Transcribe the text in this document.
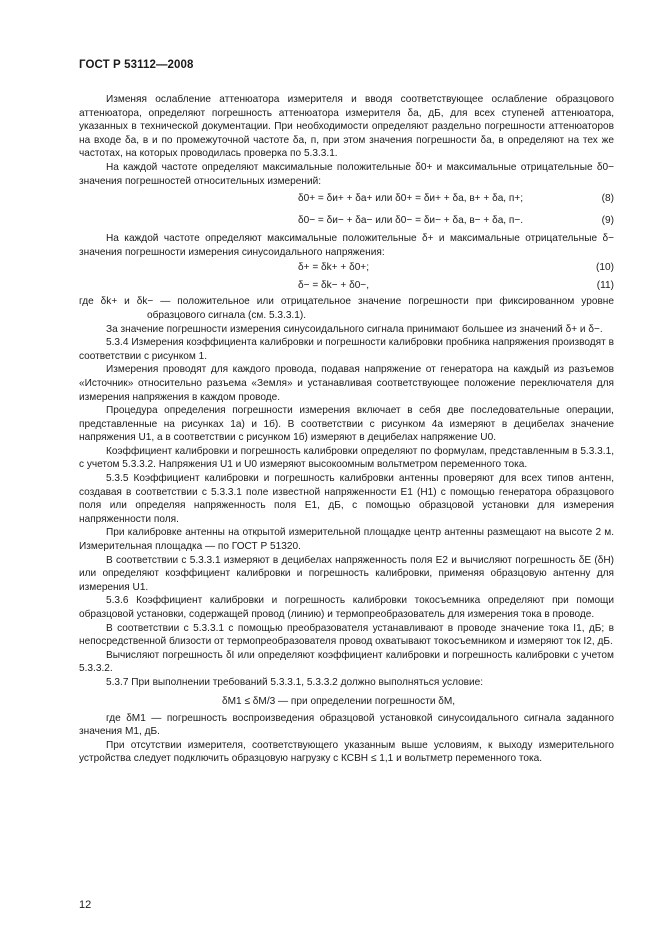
ГОСТ Р 53112—2008

Изменяя ослабление аттенюатора измерителя и вводя соответствующее ослабление образцового аттенюатора, определяют погрешность аттенюатора измерителя δа, дБ, для всех ступеней аттенюатора, указанных в технической документации. При необходимости определяют раздельно погрешности аттенюаторов на входе δа, в и по промежуточной частоте δа, п, при этом значения погрешности δа, в определяют на тех же частотах, на которых проводилась проверка по 5.3.3.1.

На каждой частоте определяют максимальные положительные δ0+ и максимальные отрицательные δ0− значения погрешностей относительных измерений:

δ0+ = δи+ + δа+ или δ0+ = δи+ + δа, в+ + δа, п+;	(8)
δ0− = δи− + δа− или δ0− = δи− + δа, в− + δа, п−.	(9)

На каждой частоте определяют максимальные положительные δ+ и максимальные отрицательные δ− значения погрешности измерения синусоидального напряжения:

δ+ = δk+ + δ0+;	(10)
δ− = δk− + δ0−,	(11)

где δk+ и δk− — положительное или отрицательное значение погрешности при фиксированном уровне образцового сигнала (см. 5.3.3.1).

За значение погрешности измерения синусоидального сигнала принимают большее из значений δ+ и δ−.

5.3.4 Измерения коэффициента калибровки и погрешности калибровки пробника напряжения производят в соответствии с рисунком 1.

Измерения проводят для каждого провода, подавая напряжение от генератора на каждый из разъемов «Источник» относительно разъема «Земля» и устанавливая соответствующее положение переключателя для измерения напряжения в каждом проводе.

Процедура определения погрешности измерения включает в себя две последовательные операции, представленные на рисунках 1а) и 1б). В соответствии с рисунком 4а измеряют в децибелах значение напряжения U1, а в соответствии с рисунком 1б) измеряют в децибелах напряжение U0.

Коэффициент калибровки и погрешность калибровки определяют по формулам, представленным в 5.3.3.1, с учетом 5.3.3.2. Напряжения U1 и U0 измеряют высокоомным вольтметром переменного тока.

5.3.5 Коэффициент калибровки и погрешность калибровки антенны проверяют для всех типов антенн, создавая в соответствии с 5.3.3.1 поле известной напряженности E1 (H1) с помощью генератора образцового поля или определяя напряженность поля E1, дБ, с помощью образцовой установки для измерения напряженности поля.

При калибровке антенны на открытой измерительной площадке центр антенны размещают на высоте 2 м. Измерительная площадка — по ГОСТ Р 51320.

В соответствии с 5.3.3.1 измеряют в децибелах напряженность поля E2 и вычисляют погрешность δE (δH) или определяют коэффициент калибровки и погрешность калибровки, применяя образцовую антенну для измерения U1.

5.3.6 Коэффициент калибровки и погрешность калибровки токосъемника определяют при помощи образцовой установки, содержащей провод (линию) и термопреобразователь для измерения тока в проводе.

В соответствии с 5.3.3.1 с помощью преобразователя устанавливают в проводе значение тока I1, дБ; в непосредственной близости от термопреобразователя провод охватывают токосъемником и измеряют ток I2, дБ.

Вычисляют погрешность δI или определяют коэффициент калибровки и погрешность калибровки с учетом 5.3.3.2.

5.3.7 При выполнении требований 5.3.3.1, 5.3.3.2 должно выполняться условие:

δM1 ≤ δM/3 — при определении погрешности δM,

где δM1 — погрешность воспроизведения образцовой установкой синусоидального сигнала заданного значения M1, дБ.

При отсутствии измерителя, соответствующего указанным выше условиям, к выходу измерительного устройства следует подключить образцовую нагрузку с КСВН ≤ 1,1 и вольтметр переменного тока.

12
